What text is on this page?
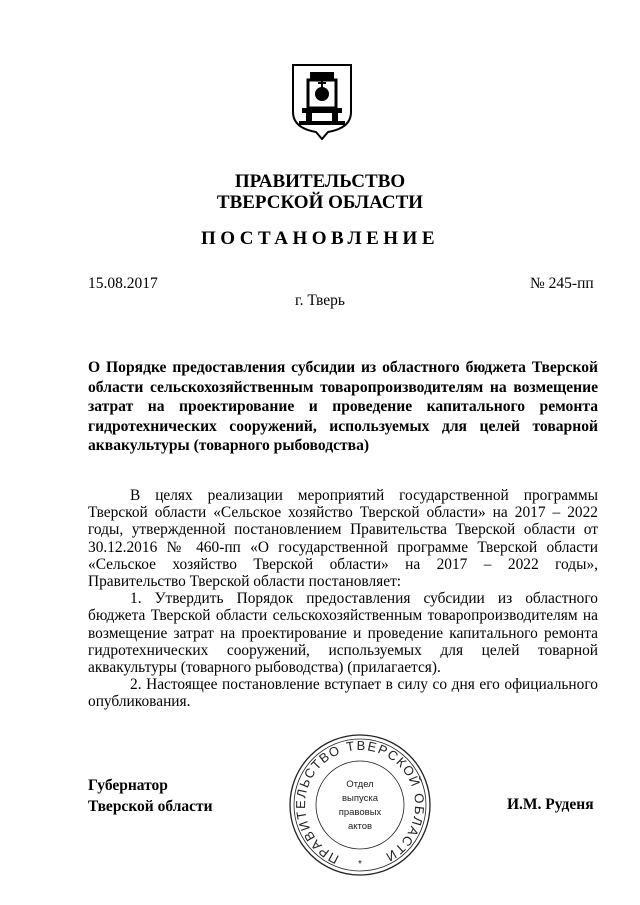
ПРАВИТЕЛЬСТВО
ТВЕРСКОЙ ОБЛАСТИ
ПОСТАНОВЛЕНИЕ
15.08.2017	№ 245-пп
г. Тверь
О Порядке предоставления субсидии из областного бюджета Тверской области сельскохозяйственным товаропроизводителям на возмещение затрат на проектирование и проведение капитального ремонта гидротехнических сооружений, используемых для целей товарной аквакультуры (товарного рыбоводства)

В целях реализации мероприятий государственной программы Тверской области «Сельское хозяйство Тверской области» на 2017 – 2022 годы, утвержденной постановлением Правительства Тверской области от 30.12.2016 № 460-пп «О государственной программе Тверской области «Сельское хозяйство Тверской области» на 2017 – 2022 годы», Правительство Тверской области постановляет:

1. Утвердить Порядок предоставления субсидии из областного бюджета Тверской области сельскохозяйственным товаропроизводителям на возмещение затрат на проектирование и проведение капитального ремонта гидротехнических сооружений, используемых для целей товарной аквакультуры (товарного рыбоводства) (прилагается).

2. Настоящее постановление вступает в силу со дня его официального опубликования.

Губернатор
Тверской области	И.М. Руденя
ПРАВИТЕЛЬСТВО ТВЕРСКОЙ ОБЛАСТИ
Отдел
выпуска
правовых
актов
*
